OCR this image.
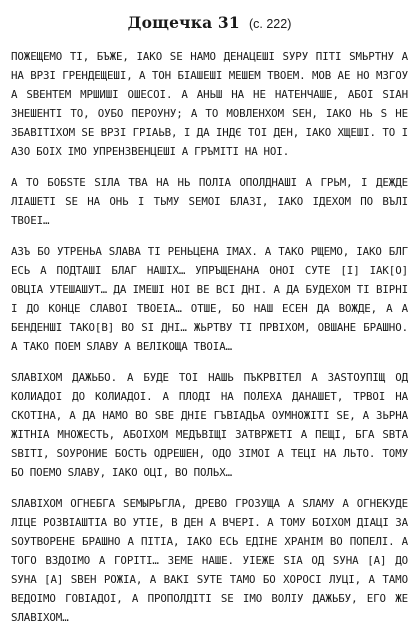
Дощечка 31 (с. 222)

ПОЖЕЩЕМО ТІ, БЪЖЕ, ІАКО ЅЕ НАМО ДЕНАЦЕШІ ЅУРУ ПІТІ ЅМЬРТНУ А НА ВРЗІ ГРЕНДЕЩЕШІ, А ТОН БІАШЕШІ МЕШЕМ ТВОЕМ. МОВ АЕ НО МЗГОУ А ЅВЕНТЕМ МРШИШІ ОШЕСОІ. А АНЬШ НА НЕ НАТЕНЧАШЕ, АБОІ ЅІАН ЗНЕШЕНТІ ТО, ОУБО ПЕРОУНУ; А ТО МОВЛЕНХОМ ЅЕН, ІАКО НЬ Ѕ НЕ ЗБАВІТІХОМ ЅЕ ВРЗІ ГРІАЬВ, І ДА ІНДЄ ТОІ ДЕН, ІАКО ХЩЕШI. ТО І АЗО БОІХ ІМО УПРЕНЗВЕНЦЕШІ А ГРЪМІТІ НА НОІ.

А ТО БОБЅТЕ ЅІЛА ТВА НА НЬ ПОЛІА ОПОЛДНАШІ А ГРЬМ, І ДЕЖДЕ ЛІАШЕТІ ЅЕ НА ОНЬ І ТЬМУ ЅЕМОІ БЛАЗІ, ІАКО ІДЕХОМ ПО ВЪЛІ ТВОЕІ…

АЗЪ БО УТРЕНЬА ЅЛАВА ТІ РЕНЬЦЕНА ІМАХ. А ТАКО РЩЕМО, ІАКО БЛГ ЕСЬ А ПОДТАШІ БЛАГ НАШІХ… УПРЪЩЕНАНА ОНОІ СУТЕ [І] ІАК[О] ОВЦІА УТЕШАШУТ… ДА ІМЕШІ НОІ ВЕ ВСІ ДНІ. А ДА БУДЕХОМ ТІ ВІРНІ І ДО КОНЦЕ СЛАВОІ ТВОЕІА… ОТШЕ, БО НАШ ЕСЕН ДА ВОЖДЕ, А А БЕНДЕНШІ ТАКО[В] ВО ЅІ ДНІ… ЖЬРТВУ ТІ ПРВІХОМ, ОВШАНЕ БРАШНО. А ТАКО ПОЕМ ЅЛАВУ А ВЕЛІКОЩА ТВОІА…

ЅЛАВІХОМ ДАЖЬБО. А БУДЕ ТОІ НАШЬ ПЪКРВІТЕЛ А ЗАЅТОУПІЩ ОД КОЛИАДОІ ДО КОЛИАДОІ. А ПЛОДІ НА ПОЛЕХА ДАНАШЕТ, ТРВОІ НА СКОТІНА, А ДА НАМО ВО ЅВЕ ДНІЕ ГЪВІАДЬА ОУМНОЖІТІ ЅЕ, А ЗЬРНА ЖІТНІА МНОЖЕСТЬ, АБОІХОМ МЕДЪВІЩІ ЗАТВРЖЕТІ А ПЕЩІ, БГА ЅВТА ЅВІТІ, ЅОУРОНИЕ БОСТЬ ОДРЕШЕН, ОДО ЗІМОІ А ТЕЦІ НА ЛЬТО. ТОМУ БО ПОЕМО ЅЛАВУ, ІАКО ОЦІ, ВО ПОЛЬХ…

ЅЛАВІХОМ ОГНЕБГА ЅЕМЫРЬГЛА, ДРЕВО ГРОЗУЩА А ЅЛАМУ А ОГНЕКУДЕ ЛІЦЕ РОЗВІАШТІА ВО УТІЕ, В ДЕН А ВЧЕPІ. А ТОМУ БОІХОМ ДІАЦI ЗА ЅОУТВОРЕНЕ БРАШНО А ПІТІА, ІАКО ЕСЬ ЕДІНЕ ХРАНІМ ВО ПОПЕЛІ. А ТОГО ВЗДОІМО А ГОРІТІ… ЗЕМЕ НАШЕ. УІЕЖЕ ЅІА ОД ЅУНА [А] ДО ЅУНА [А] ЅВЕН РОЖІА, А ВАКІ ЅУТЕ ТАМО БО ХОРОСІ ЛУЦІ, А ТАМО ВЕДОІМО ГОВІАДОІ, А ПРОПОЛДІТІ ЅЕ ІМО ВОЛIУ ДАЖЬБУ, ЕГО ЖЕ ЅЛАВІХОМ…
